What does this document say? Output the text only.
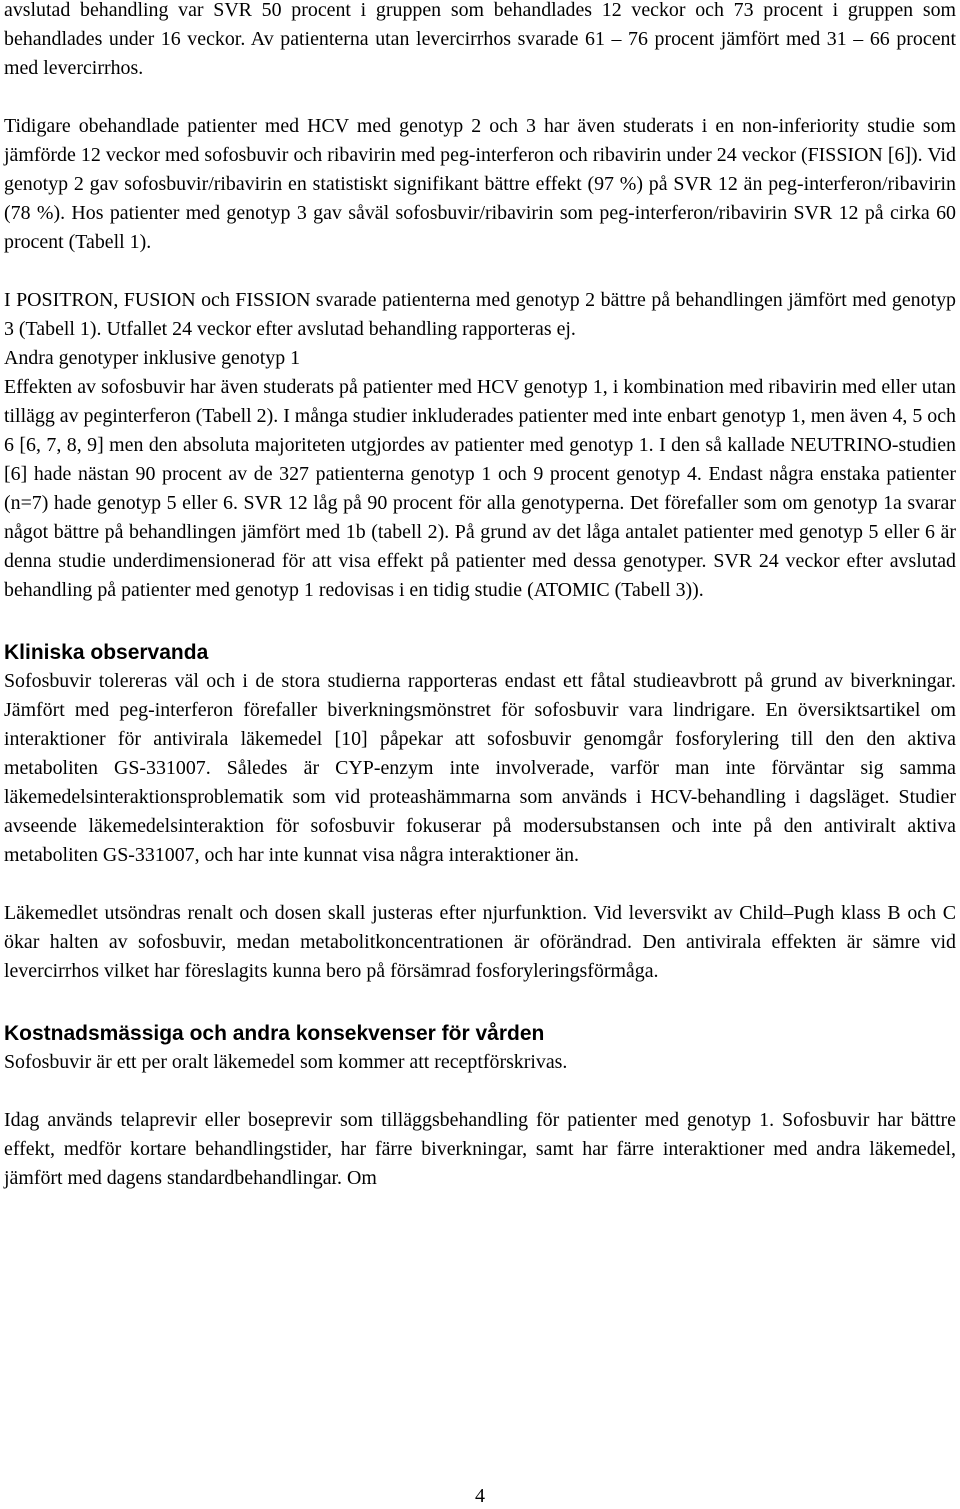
avslutad behandling var SVR 50 procent i gruppen som behandlades 12 veckor och 73 procent i gruppen som behandlades under 16 veckor. Av patienterna utan levercirrhos svarade 61 – 76 procent jämfört med 31 – 66 procent med levercirrhos.

Tidigare obehandlade patienter med HCV med genotyp 2 och 3 har även studerats i en non-inferiority studie som jämförde 12 veckor med sofosbuvir och ribavirin med peg-interferon och ribavirin under 24 veckor (FISSION [6]). Vid genotyp 2 gav sofosbuvir/ribavirin en statistiskt signifikant bättre effekt (97 %) på SVR 12 än peg-interferon/ribavirin (78 %). Hos patienter med genotyp 3 gav såväl sofosbuvir/ribavirin som peg-interferon/ribavirin SVR 12 på cirka 60 procent (Tabell 1).

I POSITRON, FUSION och FISSION svarade patienterna med genotyp 2 bättre på behandlingen jämfört med genotyp 3 (Tabell 1). Utfallet 24 veckor efter avslutad behandling rapporteras ej.

Andra genotyper inklusive genotyp 1

Effekten av sofosbuvir har även studerats på patienter med HCV genotyp 1, i kombination med ribavirin med eller utan tillägg av peginterferon (Tabell 2). I många studier inkluderades patienter med inte enbart genotyp 1, men även 4, 5 och 6 [6, 7, 8, 9] men den absoluta majoriteten utgjordes av patienter med genotyp 1. I den så kallade NEUTRINO-studien [6] hade nästan 90 procent av de 327 patienterna genotyp 1 och 9 procent genotyp 4. Endast några enstaka patienter (n=7) hade genotyp 5 eller 6. SVR 12 låg på 90 procent för alla genotyperna. Det förefaller som om genotyp 1a svarar något bättre på behandlingen jämfört med 1b (tabell 2). På grund av det låga antalet patienter med genotyp 5 eller 6 är denna studie underdimensionerad för att visa effekt på patienter med dessa genotyper. SVR 24 veckor efter avslutad behandling på patienter med genotyp 1 redovisas i en tidig studie (ATOMIC (Tabell 3)).

Kliniska observanda

Sofosbuvir tolereras väl och i de stora studierna rapporteras endast ett fåtal studieavbrott på grund av biverkningar. Jämfört med peg-interferon förefaller biverkningsmönstret för sofosbuvir vara lindrigare. En översiktsartikel om interaktioner för antivirala läkemedel [10] påpekar att sofosbuvir genomgår fosforylering till den den aktiva metaboliten GS-331007. Således är CYP-enzym inte involverade, varför man inte förväntar sig samma läkemedelsinteraktionsproblematik som vid proteashämmarna som används i HCV-behandling i dagsläget. Studier avseende läkemedelsinteraktion för sofosbuvir fokuserar på modersubstansen och inte på den antiviralt aktiva metaboliten GS-331007, och har inte kunnat visa några interaktioner än.

Läkemedlet utsöndras renalt och dosen skall justeras efter njurfunktion. Vid leversvikt av Child–Pugh klass B och C ökar halten av sofosbuvir, medan metabolitkoncentrationen är oförändrad. Den antivirala effekten är sämre vid levercirrhos vilket har föreslagits kunna bero på försämrad fosforyleringsförmåga.

Kostnadsmässiga och andra konsekvenser för vården

Sofosbuvir är ett per oralt läkemedel som kommer att receptförskrivas.

Idag används telaprevir eller boseprevir som tilläggsbehandling för patienter med genotyp 1. Sofosbuvir har bättre effekt, medför kortare behandlingstider, har färre biverkningar, samt har färre interaktioner med andra läkemedel, jämfört med dagens standardbehandlingar. Om

4
